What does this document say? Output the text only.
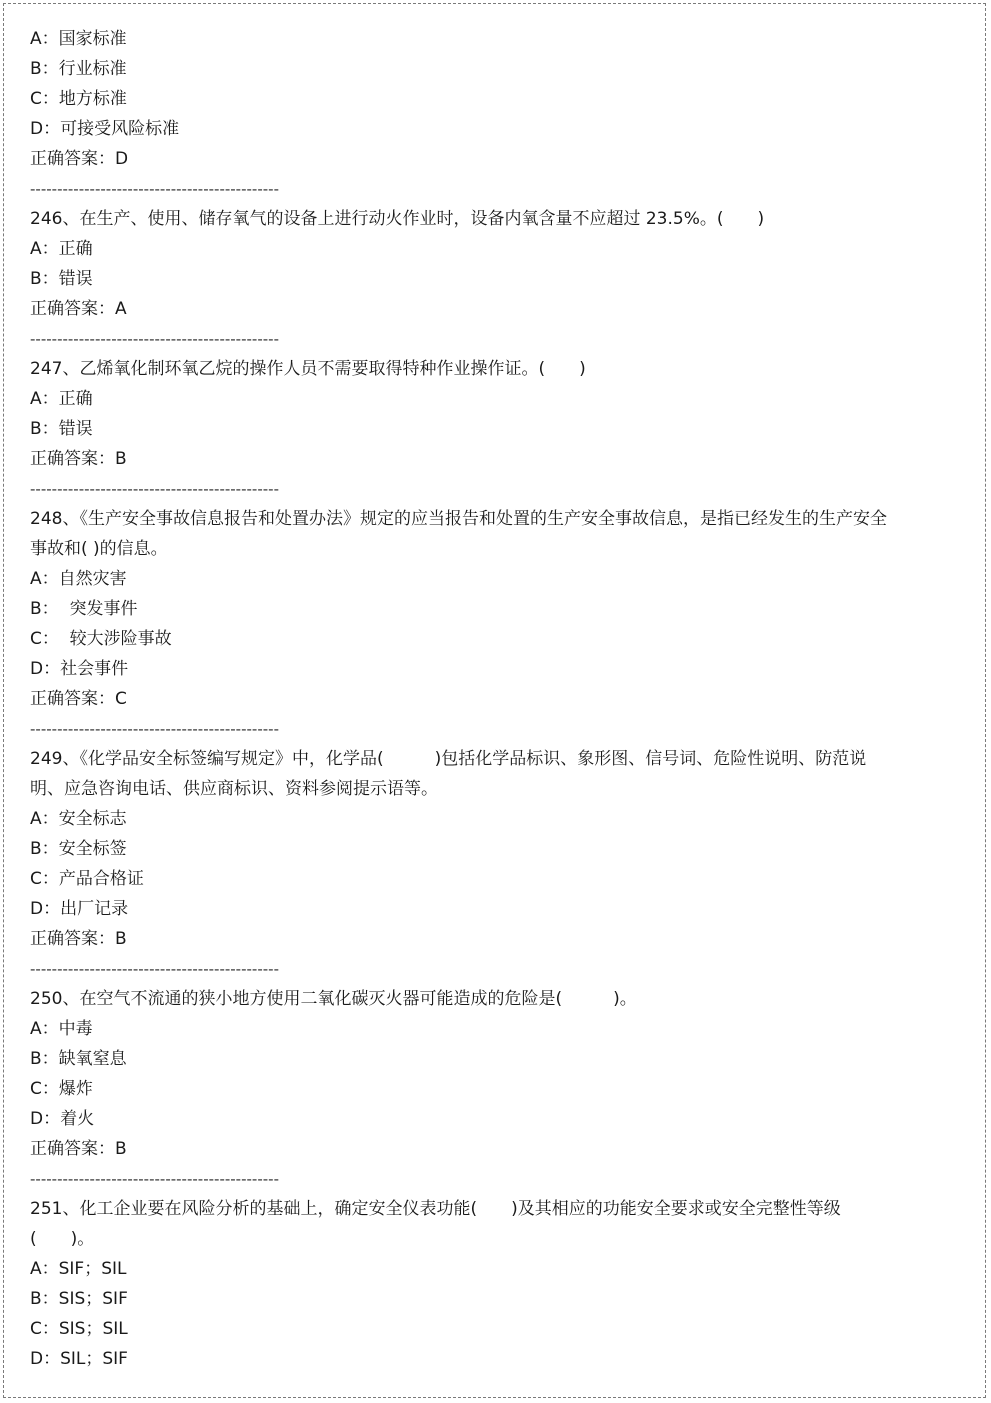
A：国家标准
B：行业标准
C：地方标准
D：可接受风险标准
正确答案：D
----------------------------------------------
246、在生产、使用、储存氧气的设备上进行动火作业时，设备内氧含量不应超过 23.5%。(　　)
A：正确
B：错误
正确答案：A
----------------------------------------------
247、乙烯氧化制环氧乙烷的操作人员不需要取得特种作业操作证。(　　)
A：正确
B：错误
正确答案：B
----------------------------------------------
248、《生产安全事故信息报告和处置办法》规定的应当报告和处置的生产安全事故信息，是指已经发生的生产安全事故和( )的信息。
A：自然灾害
B：  突发事件
C：  较大涉险事故
D：社会事件
正确答案：C
----------------------------------------------
249、《化学品安全标签编写规定》中，化学品(　　　)包括化学品标识、象形图、信号词、危险性说明、防范说明、应急咨询电话、供应商标识、资料参阅提示语等。
A：安全标志
B：安全标签
C：产品合格证
D：出厂记录
正确答案：B
----------------------------------------------
250、在空气不流通的狭小地方使用二氧化碳灭火器可能造成的危险是(　　　)。
A：中毒
B：缺氧窒息
C：爆炸
D：着火
正确答案：B
----------------------------------------------
251、化工企业要在风险分析的基础上，确定安全仪表功能(　　)及其相应的功能安全要求或安全完整性等级(　　)。
A：SIF；SIL
B：SIS；SIF
C：SIS；SIL
D：SIL；SIF
